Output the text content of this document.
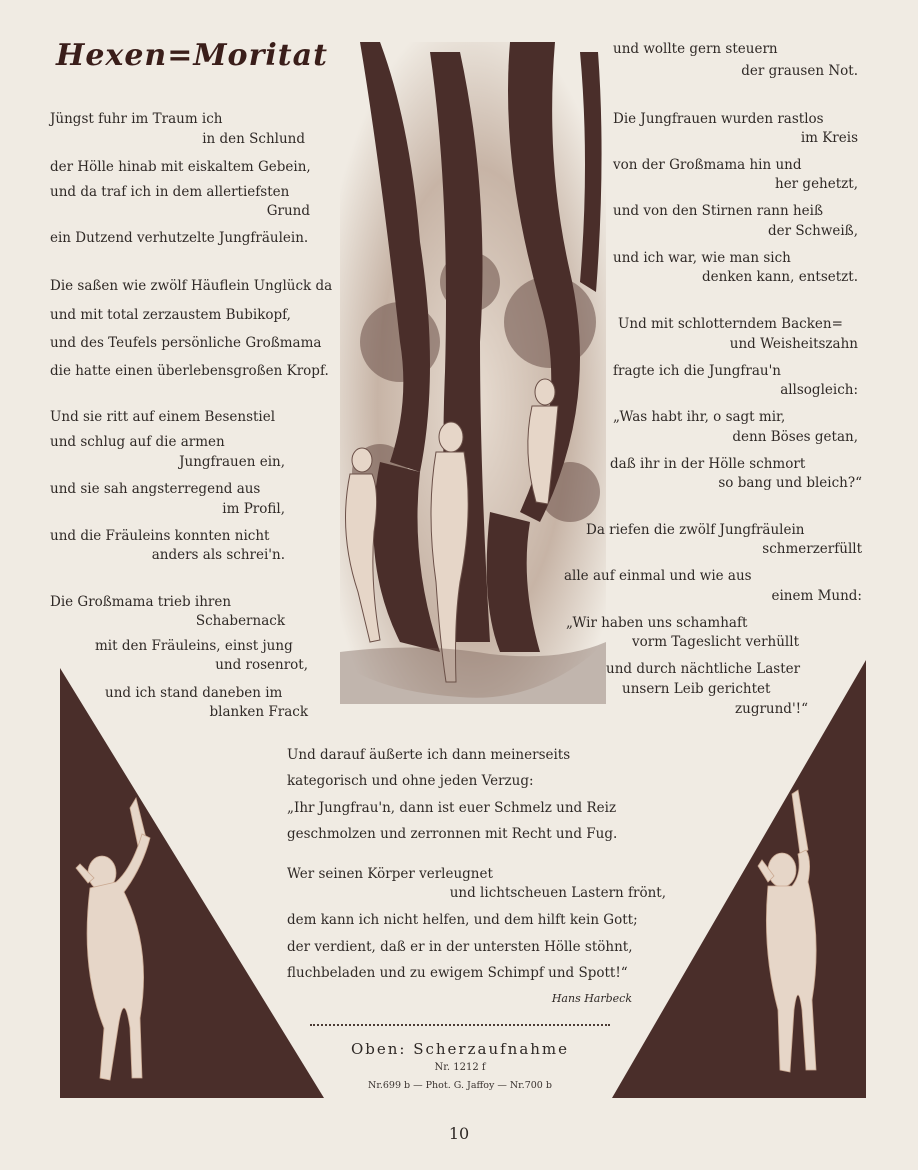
Hexen=Moritat
Jüngst fuhr im Traum ich
in den Schlund
der Hölle hinab mit eiskaltem Gebein,
und da traf ich in dem allertiefsten
Grund
ein Dutzend verhutzelte Jungfräulein.
Die saßen wie zwölf Häuflein Unglück da
und mit total zerzaustem Bubikopf,
und des Teufels persönliche Großmama
die hatte einen überlebensgroßen Kropf.
Und sie ritt auf einem Besenstiel
und schlug auf die armen
Jungfrauen ein,
und sie sah angsterregend aus
im Profil,
und die Fräuleins konnten nicht
anders als schrei'n.
Die Großmama trieb ihren
Schabernack
mit den Fräuleins, einst jung
und rosenrot,
und ich stand daneben im
blanken Frack
und wollte gern steuern
der grausen Not.
Die Jungfrauen wurden rastlos
im Kreis
von der Großmama hin und
her gehetzt,
und von den Stirnen rann heiß
der Schweiß,
und ich war, wie man sich
denken kann, entsetzt.
Und mit schlotterndem Backen=
und Weisheitszahn
fragte ich die Jungfrau'n
allsogleich:
„Was habt ihr, o sagt mir,
denn Böses getan,
daß ihr in der Hölle schmort
so bang und bleich?“
Da riefen die zwölf Jungfräulein
schmerzerfüllt
alle auf einmal und wie aus
einem Mund:
„Wir haben uns schamhaft
vorm Tageslicht verhüllt
und durch nächtliche Laster
unsern Leib gerichtet
zugrund'!“
Und darauf äußerte ich dann meinerseits
kategorisch und ohne jeden Verzug:
„Ihr Jungfrau'n, dann ist euer Schmelz und Reiz
geschmolzen und zerronnen mit Recht und Fug.
Wer seinen Körper verleugnet
und lichtscheuen Lastern frönt,
dem kann ich nicht helfen, und dem hilft kein Gott;
der verdient, daß er in der untersten Hölle stöhnt,
fluchbeladen und zu ewigem Schimpf und Spott!“
Hans Harbeck
Oben: Scherzaufnahme
Nr. 1212 f
Nr.699 b — Phot. G. Jaffoy — Nr.700 b
10
